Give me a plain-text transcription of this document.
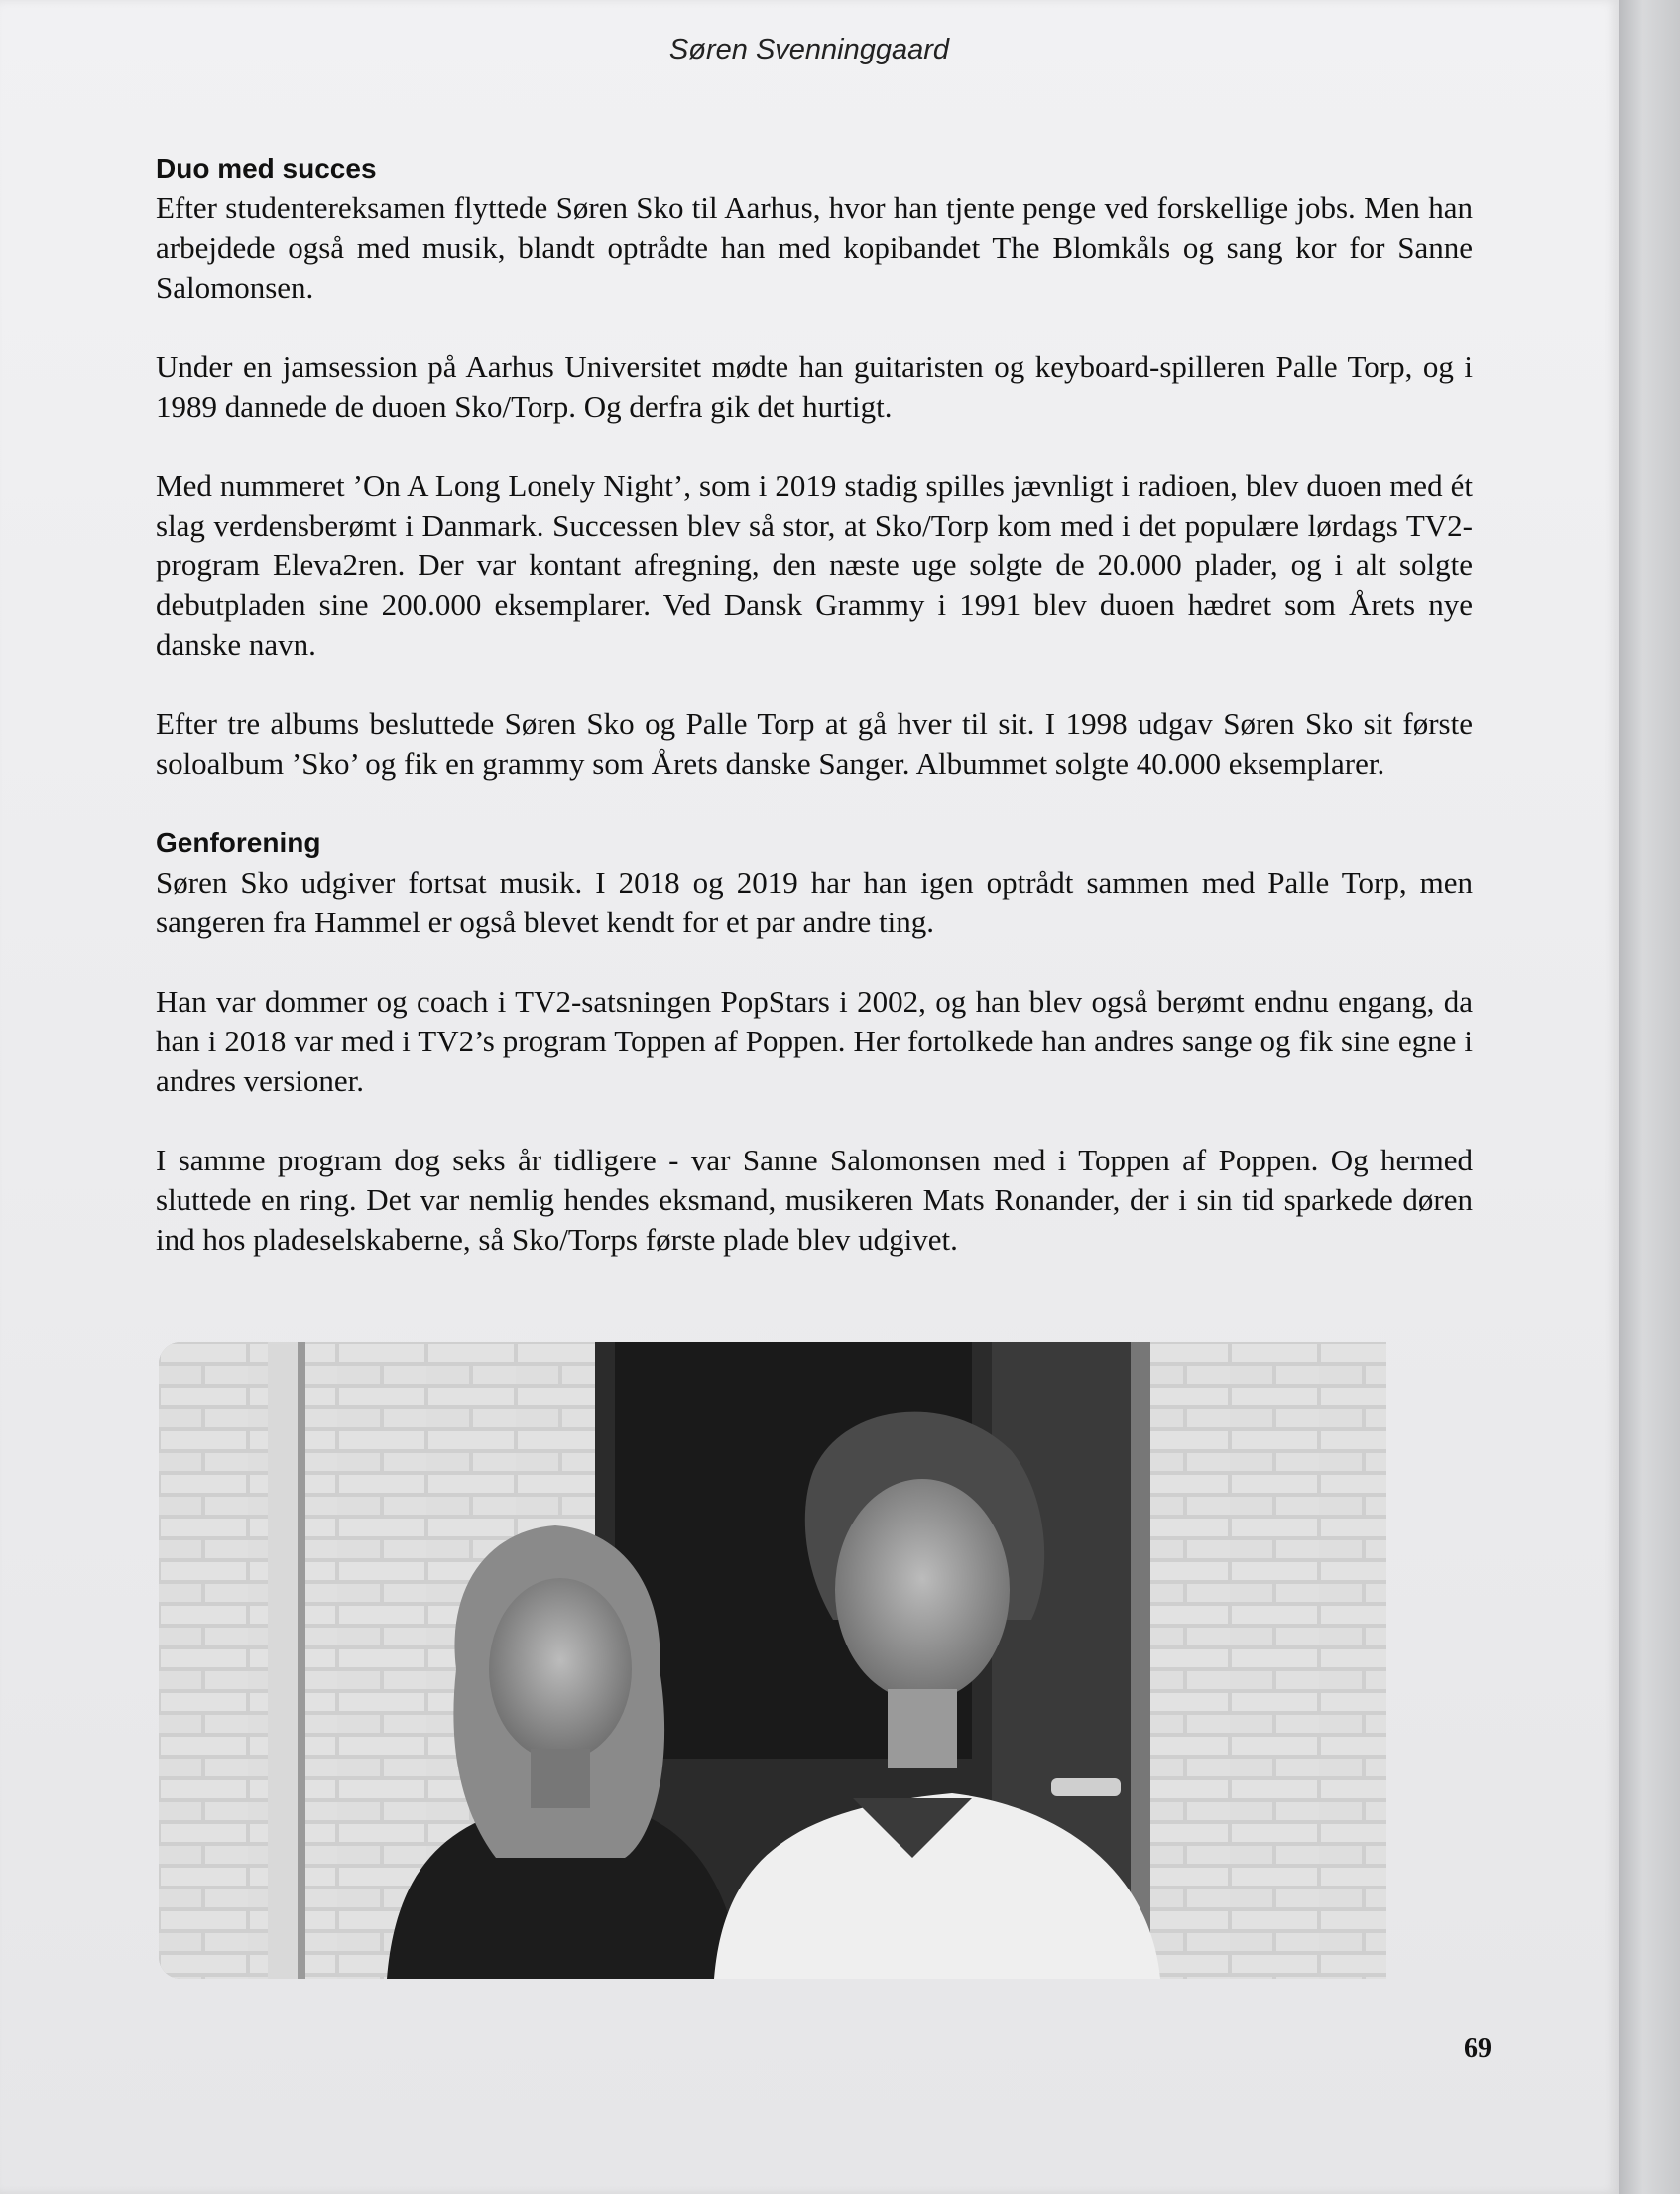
Søren Svenninggaard
Duo med succes

Efter studentereksamen flyttede Søren Sko til Aarhus, hvor han tjente penge ved forskellige jobs. Men han arbejdede også med musik, blandt optrådte han med kopibandet The Blomkåls og sang kor for Sanne Salomonsen.

Under en jamsession på Aarhus Universitet mødte han guitaristen og keyboard-spilleren Palle Torp, og i 1989 dannede de duoen Sko/Torp. Og derfra gik det hurtigt.

Med nummeret ’On A Long Lonely Night’, som i 2019 stadig spilles jævnligt i radioen, blev duoen med ét slag verdensberømt i Danmark. Successen blev så stor, at Sko/Torp kom med i det populære lørdags TV2-program Eleva2ren. Der var kontant afregning, den næste uge solgte de 20.000 plader, og i alt solgte debutpladen sine 200.000 eksemplarer. Ved Dansk Grammy i 1991 blev duoen hædret som Årets nye danske navn.

Efter tre albums besluttede Søren Sko og Palle Torp at gå hver til sit. I 1998 udgav Søren Sko sit første soloalbum ’Sko’ og fik en grammy som Årets danske Sanger. Albummet solgte 40.000 eksemplarer.

Genforening

Søren Sko udgiver fortsat musik. I 2018 og 2019 har han igen optrådt sammen med Palle Torp, men sangeren fra Hammel er også blevet kendt for et par andre ting.

Han var dommer og coach i TV2-satsningen PopStars i 2002, og han blev også berømt endnu engang, da han i 2018 var med i TV2’s program Toppen af Poppen. Her fortolkede han andres sange og fik sine egne i andres versioner.

I samme program dog seks år tidligere - var Sanne Salomonsen med i Toppen af Poppen. Og hermed sluttede en ring. Det var nemlig hendes eksmand, musikeren Mats Ronander, der i sin tid sparkede døren ind hos pladeselskaberne, så Sko/Torps første plade blev udgivet.

69
